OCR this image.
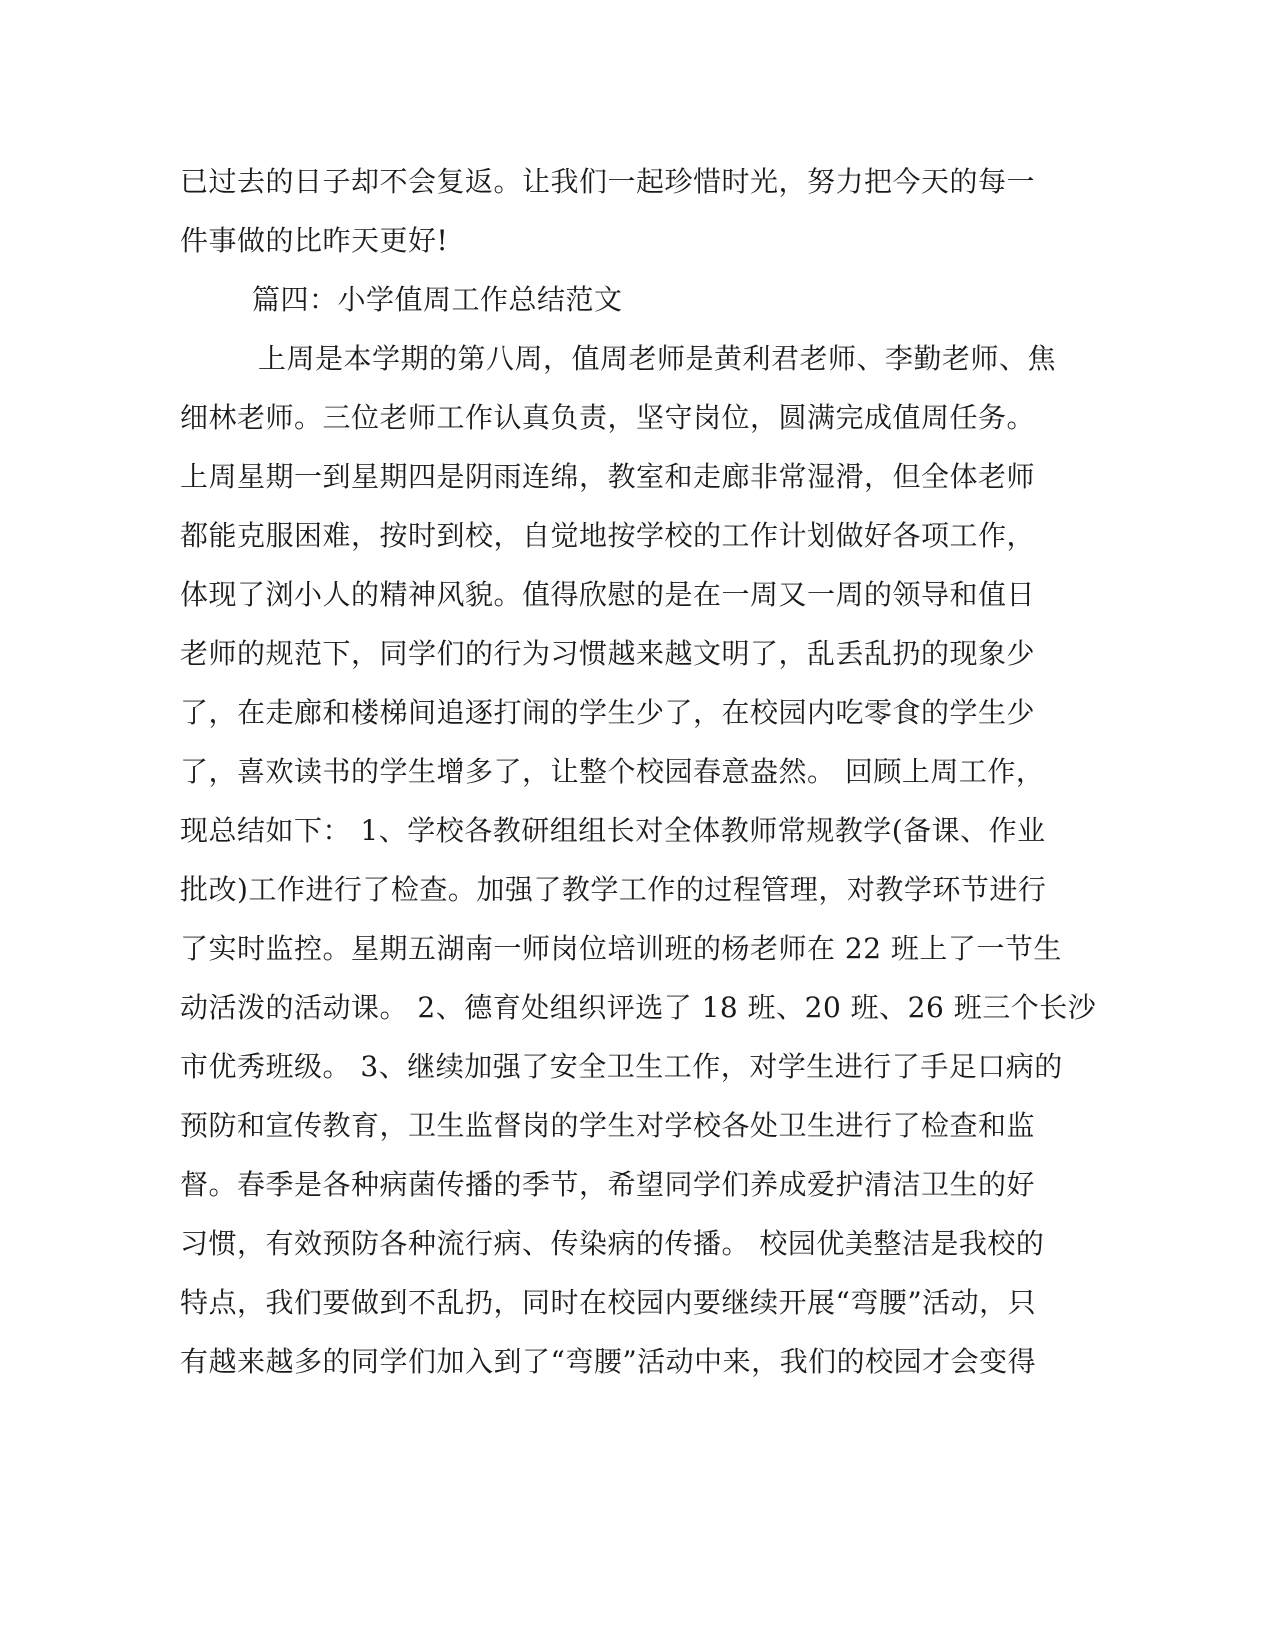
已过去的日子却不会复返。让我们一起珍惜时光，努力把今天的每一
件事做的比昨天更好!
篇四：小学值周工作总结范文
上周是本学期的第八周，值周老师是黄利君老师、李勤老师、焦
细林老师。三位老师工作认真负责，坚守岗位，圆满完成值周任务。
上周星期一到星期四是阴雨连绵，教室和走廊非常湿滑，但全体老师
都能克服困难，按时到校，自觉地按学校的工作计划做好各项工作，
体现了浏小人的精神风貌。值得欣慰的是在一周又一周的领导和值日
老师的规范下，同学们的行为习惯越来越文明了，乱丢乱扔的现象少
了，在走廊和楼梯间追逐打闹的学生少了，在校园内吃零食的学生少
了，喜欢读书的学生增多了，让整个校园春意盎然。 回顾上周工作，
现总结如下： 1、学校各教研组组长对全体教师常规教学(备课、作业
批改)工作进行了检查。加强了教学工作的过程管理，对教学环节进行
了实时监控。星期五湖南一师岗位培训班的杨老师在 22 班上了一节生
动活泼的活动课。 2、德育处组织评选了 18 班、20 班、26 班三个长沙
市优秀班级。 3、继续加强了安全卫生工作，对学生进行了手足口病的
预防和宣传教育，卫生监督岗的学生对学校各处卫生进行了检查和监
督。春季是各种病菌传播的季节，希望同学们养成爱护清洁卫生的好
习惯，有效预防各种流行病、传染病的传播。 校园优美整洁是我校的
特点，我们要做到不乱扔，同时在校园内要继续开展“弯腰”活动，只
有越来越多的同学们加入到了“弯腰”活动中来，我们的校园才会变得
